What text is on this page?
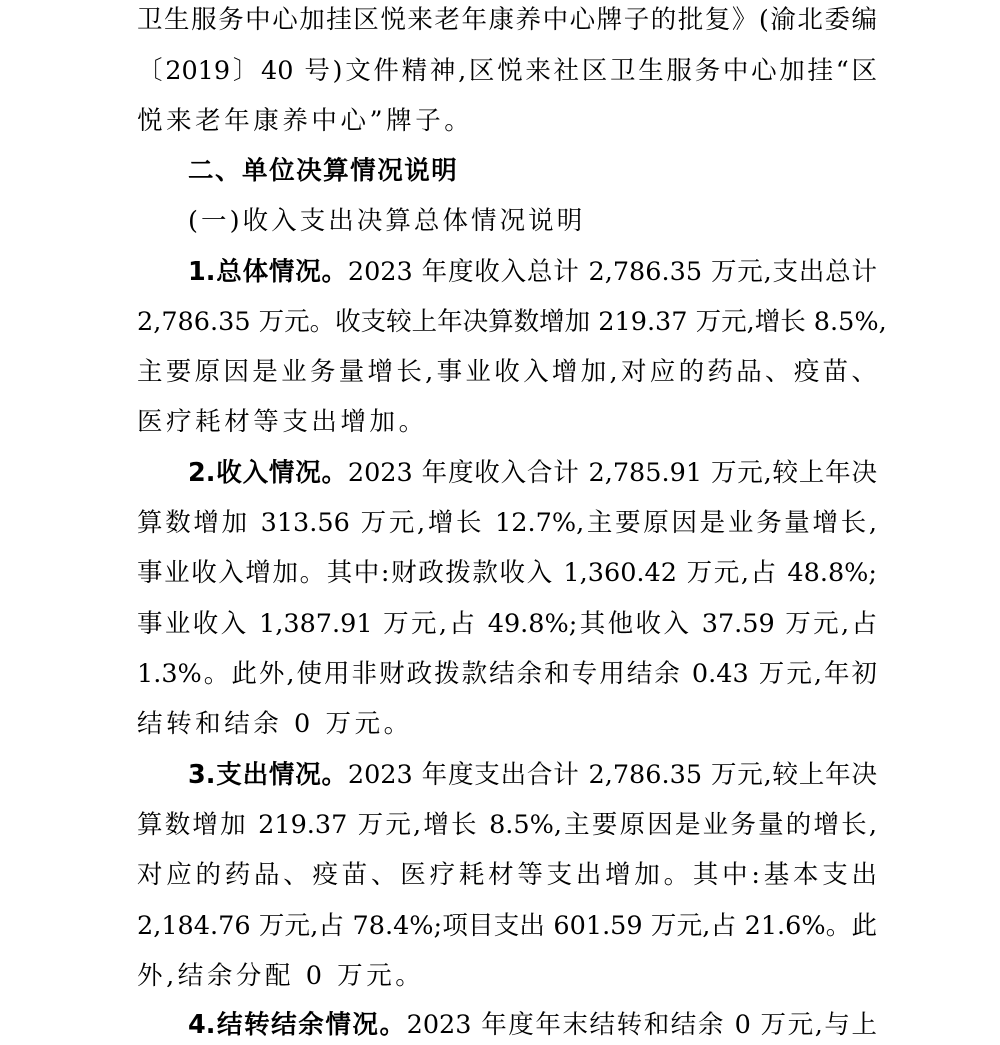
卫生服务中心加挂区悦来老年康养中心牌子的批复》(渝北委编
〔2019〕40 号)文件精神,区悦来社区卫生服务中心加挂“区
悦来老年康养中心”牌子。
二、单位决算情况说明
(一)收入支出决算总体情况说明
1.总体情况。2023 年度收入总计 2,786.35 万元,支出总计
2,786.35 万元。收支较上年决算数增加 219.37 万元,增长 8.5%,
主要原因是业务量增长,事业收入增加,对应的药品、疫苗、
医疗耗材等支出增加。
2.收入情况。2023 年度收入合计 2,785.91 万元,较上年决
算数增加 313.56 万元,增长 12.7%,主要原因是业务量增长,
事业收入增加。其中:财政拨款收入 1,360.42 万元,占 48.8%;
事业收入 1,387.91 万元,占 49.8%;其他收入 37.59 万元,占
1.3%。此外,使用非财政拨款结余和专用结余 0.43 万元,年初
结转和结余 0 万元。
3.支出情况。2023 年度支出合计 2,786.35 万元,较上年决
算数增加 219.37 万元,增长 8.5%,主要原因是业务量的增长,
对应的药品、疫苗、医疗耗材等支出增加。其中:基本支出
2,184.76 万元,占 78.4%;项目支出 601.59 万元,占 21.6%。此
外,结余分配 0 万元。
4.结转结余情况。2023 年度年末结转和结余 0 万元,与上
